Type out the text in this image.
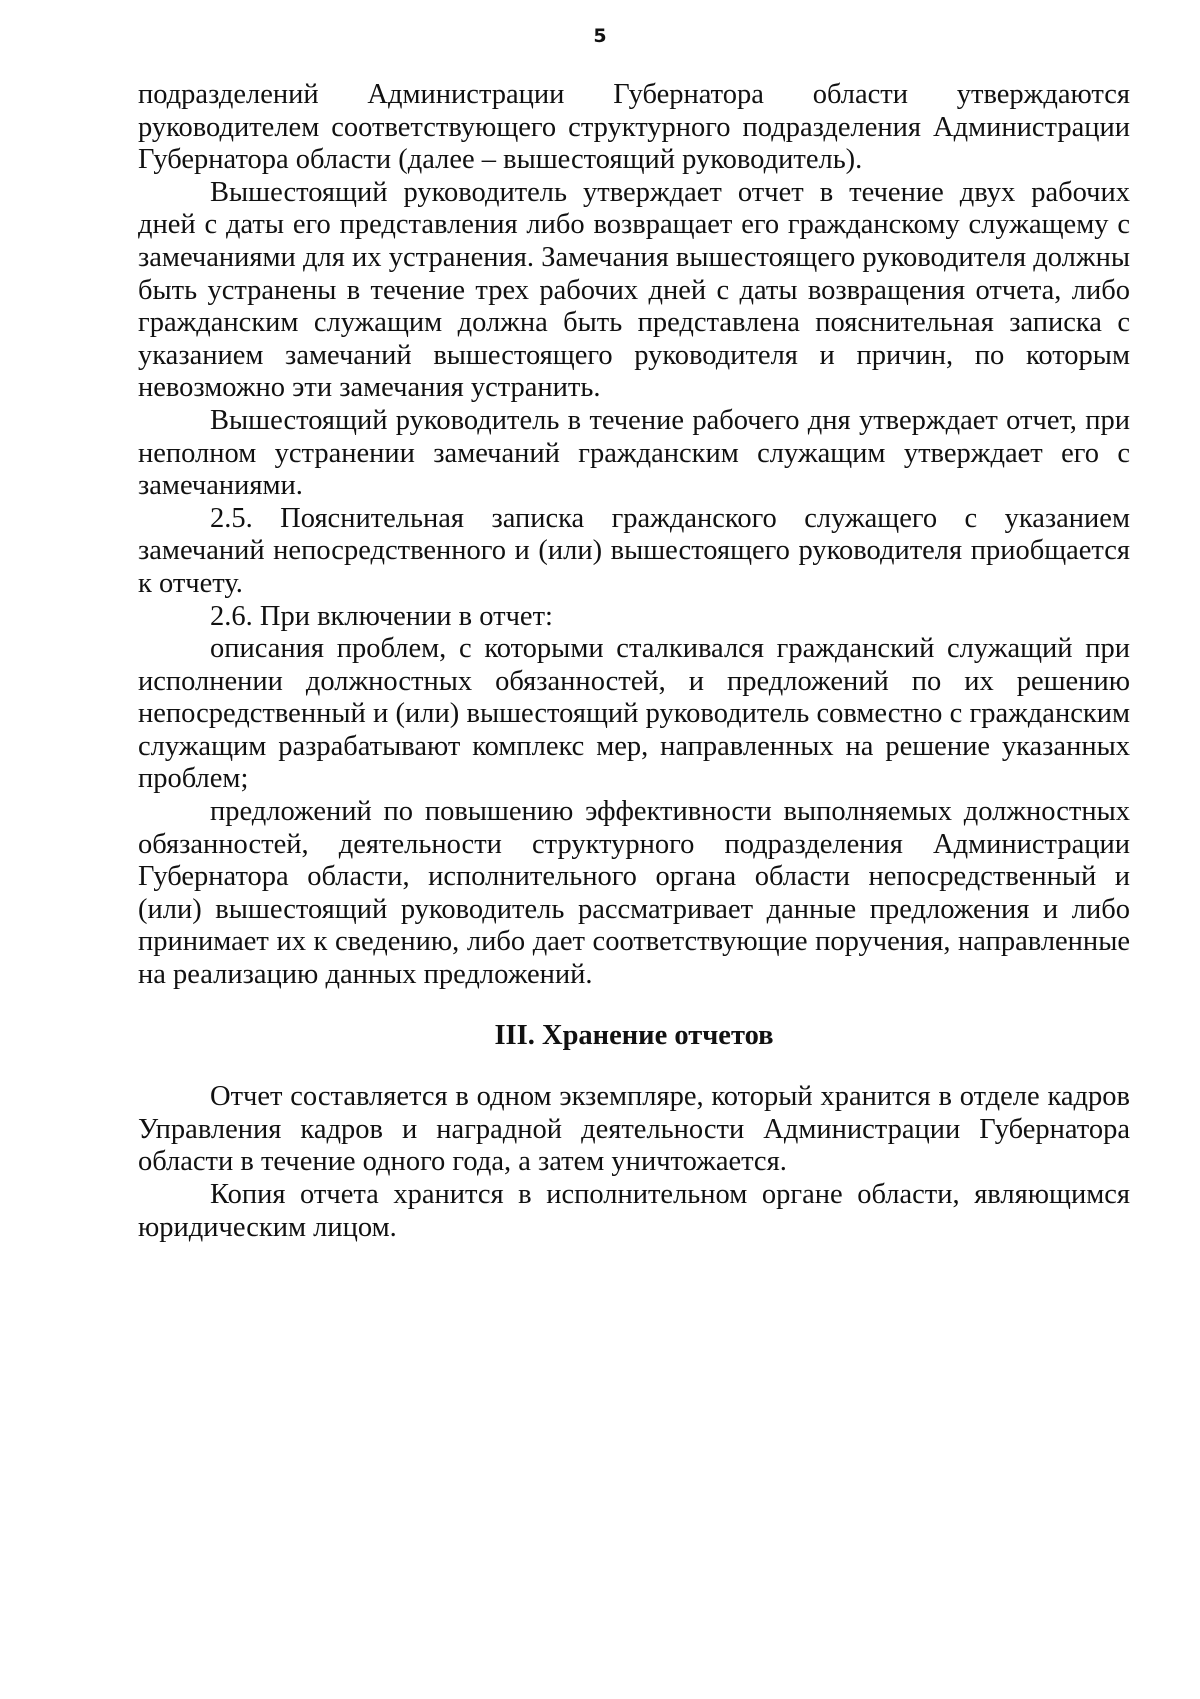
5

подразделений Администрации Губернатора области утверждаются руководителем соответствующего структурного подразделения Администрации Губернатора области (далее – вышестоящий руководитель).

Вышестоящий руководитель утверждает отчет в течение двух рабочих дней с даты его представления либо возвращает его гражданскому служащему с замечаниями для их устранения. Замечания вышестоящего руководителя должны быть устранены в течение трех рабочих дней с даты возвращения отчета, либо гражданским служащим должна быть представлена пояснительная записка с указанием замечаний вышестоящего руководителя и причин, по которым невозможно эти замечания устранить.

Вышестоящий руководитель в течение рабочего дня утверждает отчет, при неполном устранении замечаний гражданским служащим утверждает его с замечаниями.

2.5. Пояснительная записка гражданского служащего с указанием замечаний непосредственного и (или) вышестоящего руководителя приобщается к отчету.

2.6. При включении в отчет:

описания проблем, с которыми сталкивался гражданский служащий при исполнении должностных обязанностей, и предложений по их решению непосредственный и (или) вышестоящий руководитель совместно с гражданским служащим разрабатывают комплекс мер, направленных на решение указанных проблем;

предложений по повышению эффективности выполняемых должностных обязанностей, деятельности структурного подразделения Администрации Губернатора области, исполнительного органа области непосредственный и (или) вышестоящий руководитель рассматривает данные предложения и либо принимает их к сведению, либо дает соответствующие поручения, направленные на реализацию данных предложений.

III. Хранение отчетов

Отчет составляется в одном экземпляре, который хранится в отделе кадров Управления кадров и наградной деятельности Администрации Губернатора области в течение одного года, а затем уничтожается.

Копия отчета хранится в исполнительном органе области, являющимся юридическим лицом.
